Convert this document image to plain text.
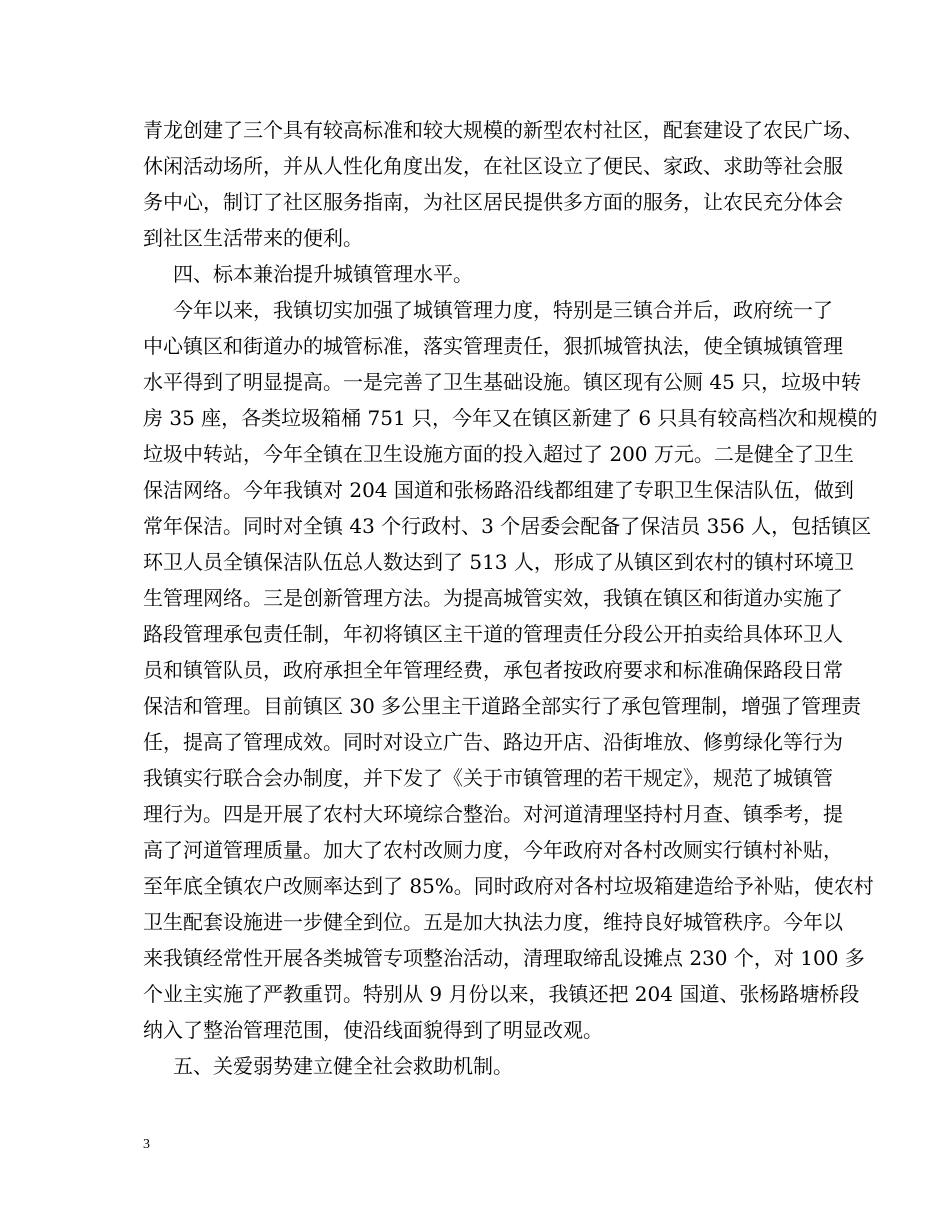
青龙创建了三个具有较高标准和较大规模的新型农村社区，配套建设了农民广场、
休闲活动场所，并从人性化角度出发，在社区设立了便民、家政、求助等社会服
务中心，制订了社区服务指南，为社区居民提供多方面的服务，让农民充分体会
到社区生活带来的便利。
四、标本兼治提升城镇管理水平。
今年以来，我镇切实加强了城镇管理力度，特别是三镇合并后，政府统一了
中心镇区和街道办的城管标准，落实管理责任，狠抓城管执法，使全镇城镇管理
水平得到了明显提高。一是完善了卫生基础设施。镇区现有公厕 45 只，垃圾中转
房 35 座，各类垃圾箱桶 751 只，今年又在镇区新建了 6 只具有较高档次和规模的
垃圾中转站，今年全镇在卫生设施方面的投入超过了 200 万元。二是健全了卫生
保洁网络。今年我镇对 204 国道和张杨路沿线都组建了专职卫生保洁队伍，做到
常年保洁。同时对全镇 43 个行政村、3 个居委会配备了保洁员 356 人，包括镇区
环卫人员全镇保洁队伍总人数达到了 513 人，形成了从镇区到农村的镇村环境卫
生管理网络。三是创新管理方法。为提高城管实效，我镇在镇区和街道办实施了
路段管理承包责任制，年初将镇区主干道的管理责任分段公开拍卖给具体环卫人
员和镇管队员，政府承担全年管理经费，承包者按政府要求和标准确保路段日常
保洁和管理。目前镇区 30 多公里主干道路全部实行了承包管理制，增强了管理责
任，提高了管理成效。同时对设立广告、路边开店、沿街堆放、修剪绿化等行为
我镇实行联合会办制度，并下发了《关于市镇管理的若干规定》，规范了城镇管
理行为。四是开展了农村大环境综合整治。对河道清理坚持村月查、镇季考，提
高了河道管理质量。加大了农村改厕力度，今年政府对各村改厕实行镇村补贴，
至年底全镇农户改厕率达到了 85%。同时政府对各村垃圾箱建造给予补贴，使农村
卫生配套设施进一步健全到位。五是加大执法力度，维持良好城管秩序。今年以
来我镇经常性开展各类城管专项整治活动，清理取缔乱设摊点 230 个，对 100 多
个业主实施了严教重罚。特别从 9 月份以来，我镇还把 204 国道、张杨路塘桥段
纳入了整治管理范围，使沿线面貌得到了明显改观。
五、关爱弱势建立健全社会救助机制。
3
